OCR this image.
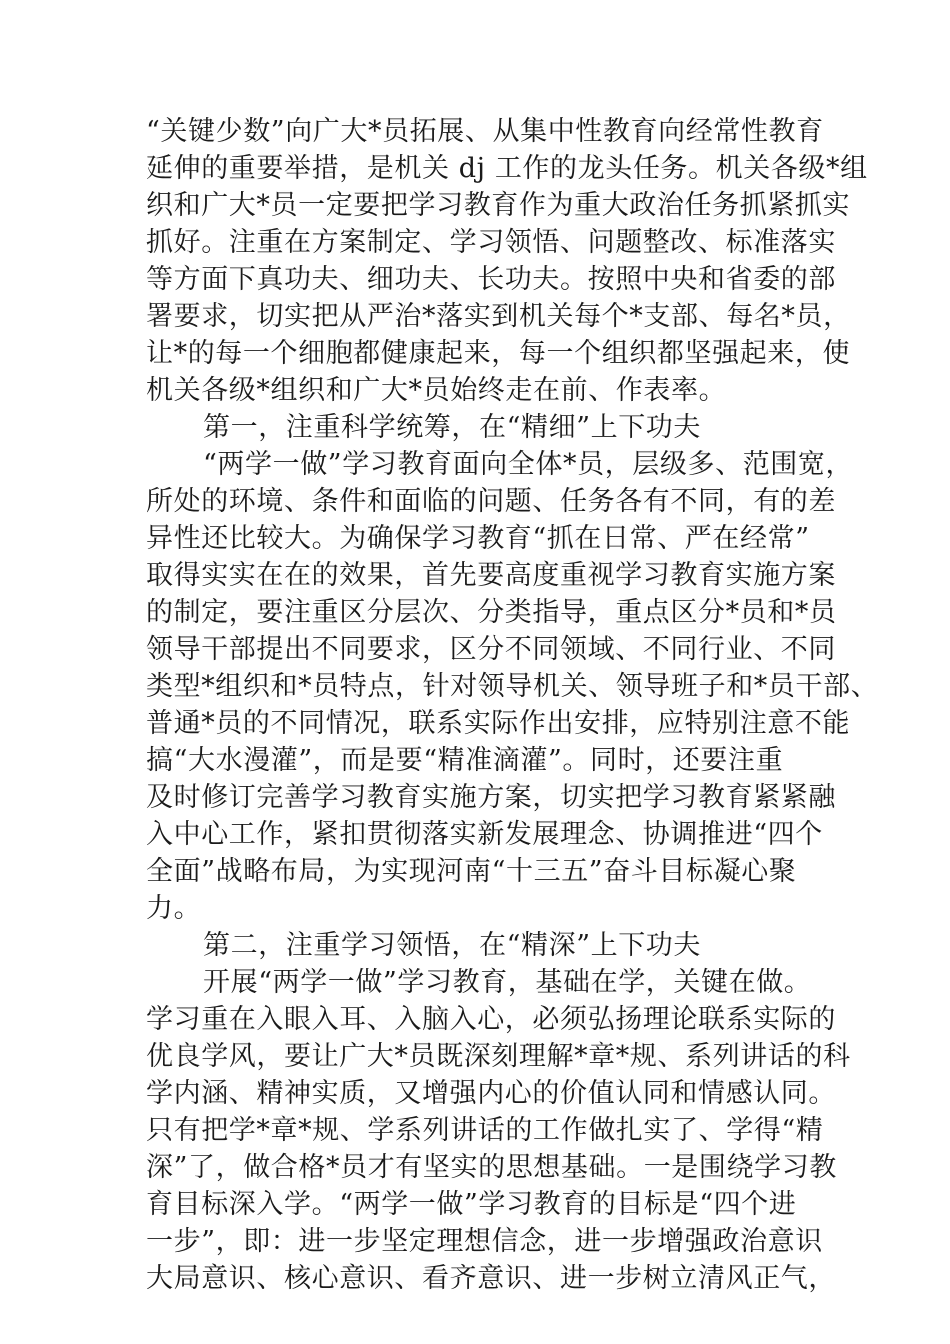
“关键少数”向广大*员拓展、从集中性教育向经常性教育
延伸的重要举措，是机关 dj 工作的龙头任务。机关各级*组
织和广大*员一定要把学习教育作为重大政治任务抓紧抓实
抓好。注重在方案制定、学习领悟、问题整改、标准落实
等方面下真功夫、细功夫、长功夫。按照中央和省委的部
署要求，切实把从严治*落实到机关每个*支部、每名*员，
让*的每一个细胞都健康起来，每一个组织都坚强起来，使
机关各级*组织和广大*员始终走在前、作表率。
第一，注重科学统筹，在“精细”上下功夫
“两学一做”学习教育面向全体*员，层级多、范围宽，
所处的环境、条件和面临的问题、任务各有不同，有的差
异性还比较大。为确保学习教育“抓在日常、严在经常”
取得实实在在的效果，首先要高度重视学习教育实施方案
的制定，要注重区分层次、分类指导，重点区分*员和*员
领导干部提出不同要求，区分不同领域、不同行业、不同
类型*组织和*员特点，针对领导机关、领导班子和*员干部、
普通*员的不同情况，联系实际作出安排，应特别注意不能
搞“大水漫灌”，而是要“精准滴灌”。同时，还要注重
及时修订完善学习教育实施方案，切实把学习教育紧紧融
入中心工作，紧扣贯彻落实新发展理念、协调推进“四个
全面”战略布局，为实现河南“十三五”奋斗目标凝心聚
力。
第二，注重学习领悟，在“精深”上下功夫
开展“两学一做”学习教育，基础在学，关键在做。
学习重在入眼入耳、入脑入心，必须弘扬理论联系实际的
优良学风，要让广大*员既深刻理解*章*规、系列讲话的科
学内涵、精神实质，又增强内心的价值认同和情感认同。
只有把学*章*规、学系列讲话的工作做扎实了、学得“精
深”了，做合格*员才有坚实的思想基础。一是围绕学习教
育目标深入学。“两学一做”学习教育的目标是“四个进
一步”，即：进一步坚定理想信念，进一步增强政治意识
大局意识、核心意识、看齐意识、进一步树立清风正气，
